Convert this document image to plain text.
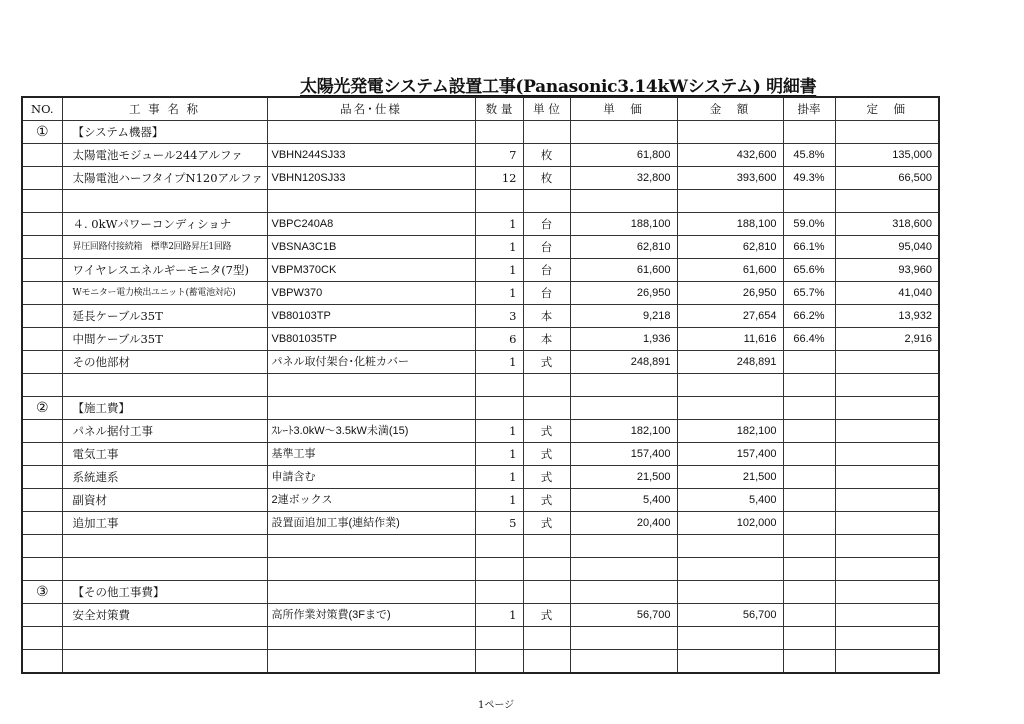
太陽光発電システム設置工事(Panasonic3.14kWシステム) 明細書
NO.	工 事 名 称	品名･仕様	数 量	単 位	単　価	金　額	掛率	定　価
①	【システム機器】							
	太陽電池モジュール244アルファ	VBHN244SJ33	7	枚	61,800	432,600	45.8%	135,000
	太陽電池ハーフタイプN120アルファ	VBHN120SJ33	12	枚	32,800	393,600	49.3%	66,500

	４. 0kWパワーコンディショナ	VBPC240A8	1	台	188,100	188,100	59.0%	318,600
	昇圧回路付接続箱　標準2回路昇圧1回路	VBSNA3C1B	1	台	62,810	62,810	66.1%	95,040
	ワイヤレスエネルギーモニタ(7型)	VBPM370CK	1	台	61,600	61,600	65.6%	93,960
	Wモニター電力検出ユニット(蓄電池対応)	VBPW370	1	台	26,950	26,950	65.7%	41,040
	延長ケーブル35T	VB80103TP	3	本	9,218	27,654	66.2%	13,932
	中間ケーブル35T	VB801035TP	6	本	1,936	11,616	66.4%	2,916
	その他部材	パネル取付架台･化粧カバー	1	式	248,891	248,891		

②	【施工費】							
	パネル据付工事	ｽﾚｰﾄ3.0kW～3.5kW未満(15)	1	式	182,100	182,100		
	電気工事	基準工事	1	式	157,400	157,400		
	系統連系	申請含む	1	式	21,500	21,500		
	副資材	2連ボックス	1	式	5,400	5,400		
	追加工事	設置面追加工事(連結作業)	5	式	20,400	102,000		

③	【その他工事費】							
	安全対策費	高所作業対策費(3Fまで)	1	式	56,700	56,700		

1ページ
